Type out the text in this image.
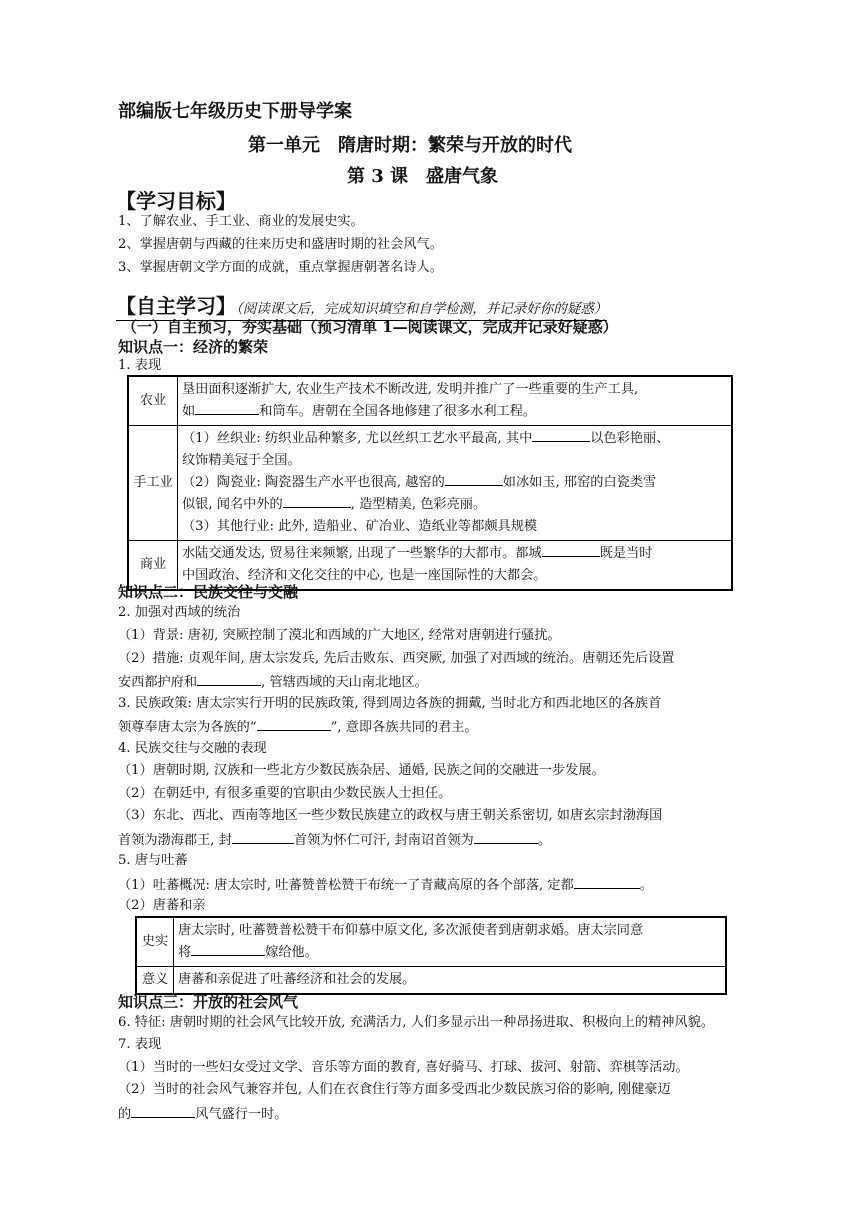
部编版七年级历史下册导学案
第一单元　隋唐时期：繁荣与开放的时代
第 3 课　盛唐气象
【学习目标】
1、了解农业、手工业、商业的发展史实。
2、掌握唐朝与西藏的往来历史和盛唐时期的社会风气。
3、掌握唐朝文学方面的成就，重点掌握唐朝著名诗人。
【自主学习】（阅读课文后，完成知识填空和自学检测，并记录好你的疑惑）
（一）自主预习，夯实基础（预习清单 1—阅读课文，完成并记录好疑惑）
知识点一：经济的繁荣
1. 表现
农业	垦田面积逐渐扩大, 农业生产技术不断改进, 发明并推广了一些重要的生产工具,
如 和筒车。唐朝在全国各地修建了很多水利工程。

手工业	（1）丝织业: 纺织业品种繁多, 尤以丝织工艺水平最高, 其中 以色彩艳丽、
纹饰精美冠于全国。
（2）陶瓷业: 陶瓷器生产水平也很高, 越窑的 如冰如玉, 邢窑的白瓷类雪
似银, 闻名中外的 , 造型精美, 色彩亮丽。
（3）其他行业: 此外, 造船业、矿冶业、造纸业等都颇具规模

商业	水陆交通发达, 贸易往来频繁, 出现了一些繁华的大都市。都城 既是当时
中国政治、经济和文化交往的中心, 也是一座国际性的大都会。
知识点二：民族交往与交融
2. 加强对西域的统治
（1）背景: 唐初, 突厥控制了漠北和西域的广大地区, 经常对唐朝进行骚扰。
（2）措施: 贞观年间, 唐太宗发兵, 先后击败东、西突厥, 加强了对西域的统治。唐朝还先后设置
安西都护府和	, 管辖西域的天山南北地区。
3. 民族政策: 唐太宗实行开明的民族政策, 得到周边各族的拥戴, 当时北方和西北地区的各族首
领尊奉唐太宗为各族的“	”, 意即各族共同的君主。
4. 民族交往与交融的表现
（1）唐朝时期, 汉族和一些北方少数民族杂居、通婚, 民族之间的交融进一步发展。
（2）在朝廷中, 有很多重要的官职由少数民族人士担任。
（3）东北、西北、西南等地区一些少数民族建立的政权与唐王朝关系密切, 如唐玄宗封渤海国
首领为渤海郡王, 封	首领为怀仁可汗, 封南诏首领为	。
5. 唐与吐蕃
（1）吐蕃概况: 唐太宗时, 吐蕃赞普松赞干布统一了青藏高原的各个部落, 定都	。
（2）唐蕃和亲
史实	唐太宗时, 吐蕃赞普松赞干布仰慕中原文化, 多次派使者到唐朝求婚。唐太宗同意
将 嫁给他。

意义	唐蕃和亲促进了吐蕃经济和社会的发展。
知识点三：开放的社会风气
6. 特征: 唐朝时期的社会风气比较开放, 充满活力, 人们多显示出一种昂扬进取、积极向上的精神风貌。
7. 表现
（1）当时的一些妇女受过文学、音乐等方面的教育, 喜好骑马、打球、拔河、射箭、弈棋等活动。
（2）当时的社会风气兼容并包, 人们在衣食住行等方面多受西北少数民族习俗的影响, 刚健豪迈
的	风气盛行一时。
